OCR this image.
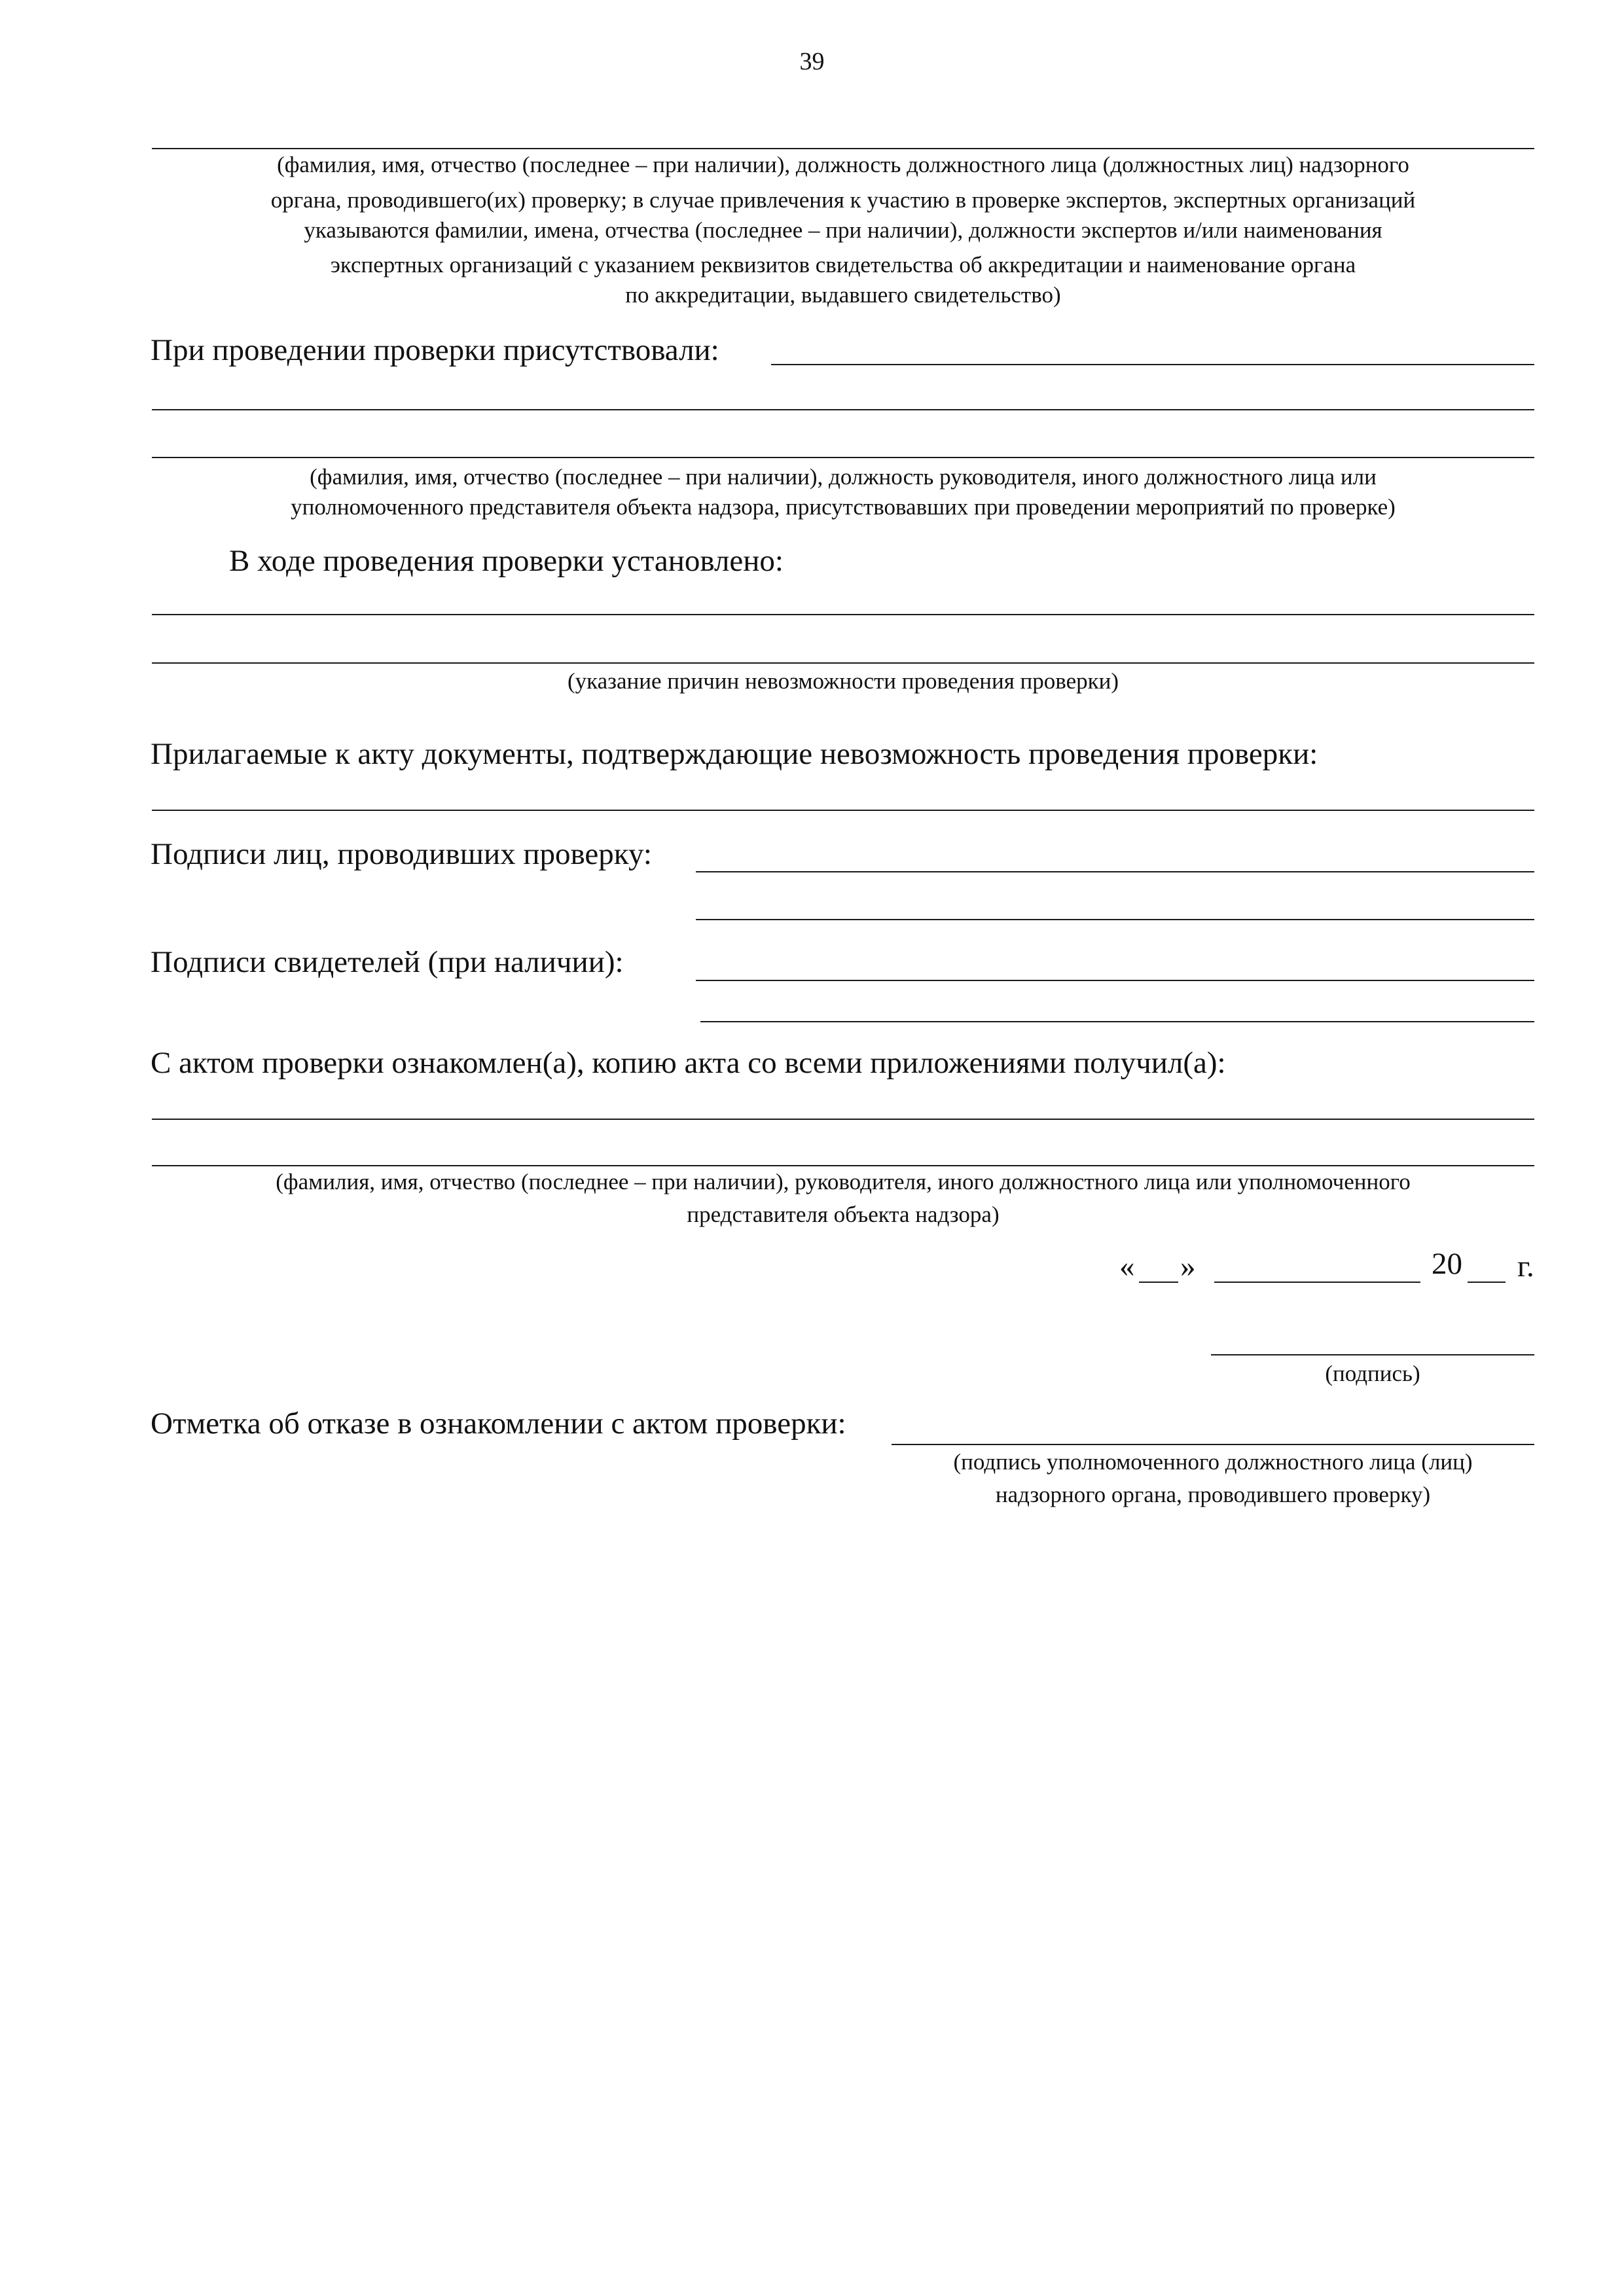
39
(фамилия, имя, отчество (последнее – при наличии), должность должностного лица (должностных лиц) надзорного
органа, проводившего(их) проверку; в случае привлечения к участию в проверке экспертов, экспертных организаций
указываются фамилии, имена, отчества (последнее – при наличии), должности экспертов и/или наименования
экспертных организаций с указанием реквизитов свидетельства об аккредитации и наименование органа
по аккредитации, выдавшего свидетельство)
При проведении проверки присутствовали:
(фамилия, имя, отчество (последнее – при наличии), должность руководителя, иного должностного лица или
уполномоченного представителя объекта надзора, присутствовавших при проведении мероприятий по проверке)
В ходе проведения проверки установлено:
(указание причин невозможности проведения проверки)
Прилагаемые к акту документы, подтверждающие невозможность проведения проверки:
Подписи лиц, проводивших проверку:
Подписи свидетелей (при наличии):
С актом проверки ознакомлен(а), копию акта со всеми приложениями получил(а):
(фамилия, имя, отчество (последнее – при наличии), руководителя, иного должностного лица или уполномоченного
представителя объекта надзора)
« »	20 г.
(подпись)
Отметка об отказе в ознакомлении с актом проверки:
(подпись уполномоченного должностного лица (лиц)
надзорного органа, проводившего проверку)
